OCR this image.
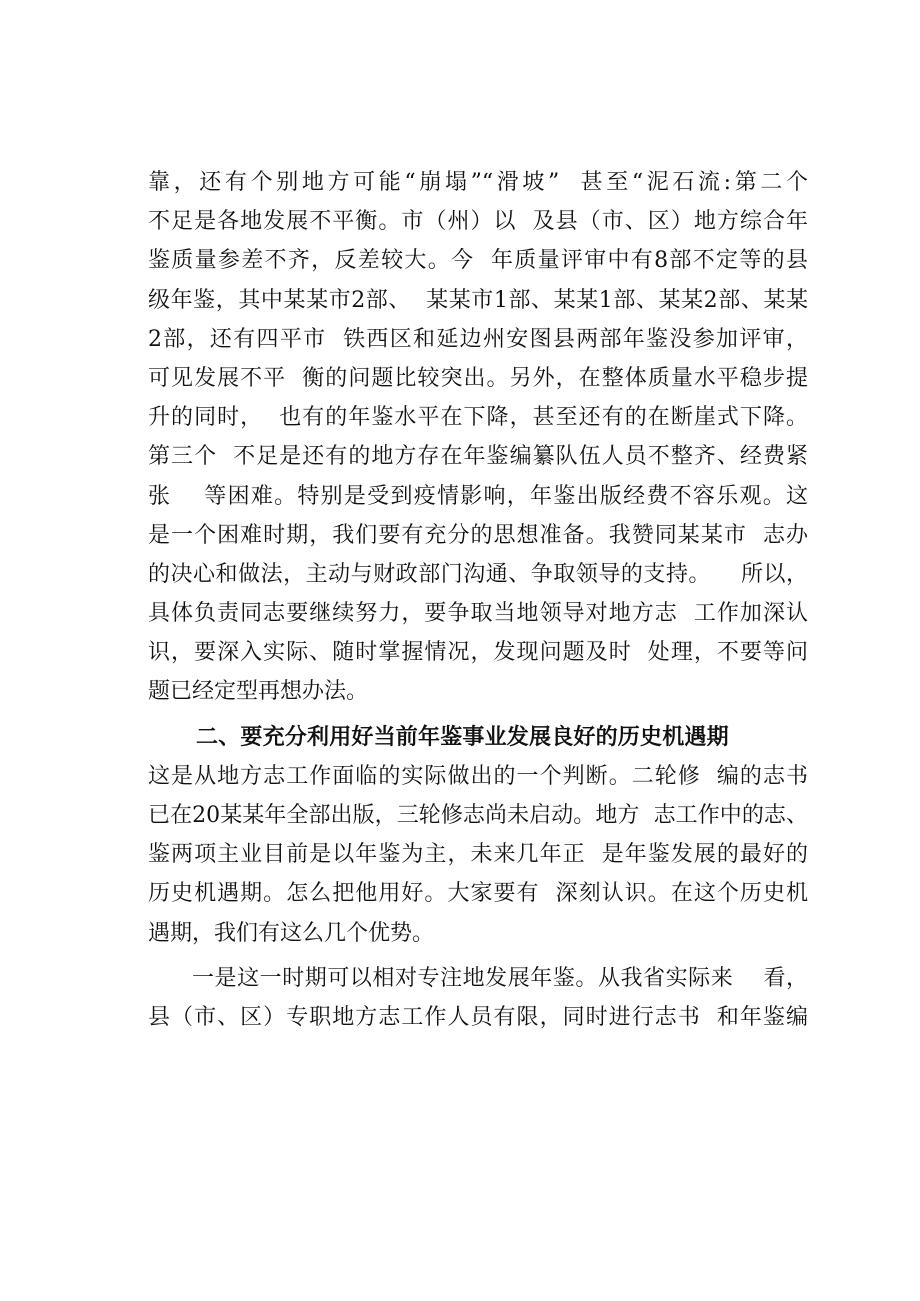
靠，还有个别地方可能“崩塌”“滑坡”  甚至“泥石流:第二个
不足是各地发展不平衡。市（州）以  及县（市、区）地方综合年
鉴质量参差不齐，反差较大。今  年质量评审中有8部不定等的县
级年鉴，其中某某市2部、  某某市1部、某某1部、某某2部、某某
2部，还有四平市  铁西区和延边州安图县两部年鉴没参加评审，
可见发展不平  衡的问题比较突出。另外，在整体质量水平稳步提
升的同时，  也有的年鉴水平在下降，甚至还有的在断崖式下降。
第三个  不足是还有的地方存在年鉴编纂队伍人员不整齐、经费紧
张    等困难。特别是受到疫情影响，年鉴出版经费不容乐观。这
是一个困难时期，我们要有充分的思想准备。我赞同某某市  志办
的决心和做法，主动与财政部门沟通、争取领导的支持。    所以，
具体负责同志要继续努力，要争取当地领导对地方志  工作加深认
识，要深入实际、随时掌握情况，发现问题及时  处理，不要等问
题已经定型再想办法。
二、要充分利用好当前年鉴事业发展良好的历史机遇期
这是从地方志工作面临的实际做出的一个判断。二轮修  编的志书
已在20某某年全部出版，三轮修志尚未启动。地方  志工作中的志、
鉴两项主业目前是以年鉴为主，未来几年正  是年鉴发展的最好的
历史机遇期。怎么把他用好。大家要有  深刻认识。在这个历史机
遇期，我们有这么几个优势。
一是这一时期可以相对专注地发展年鉴。从我省实际来    看，
县（市、区）专职地方志工作人员有限，同时进行志书  和年鉴编
